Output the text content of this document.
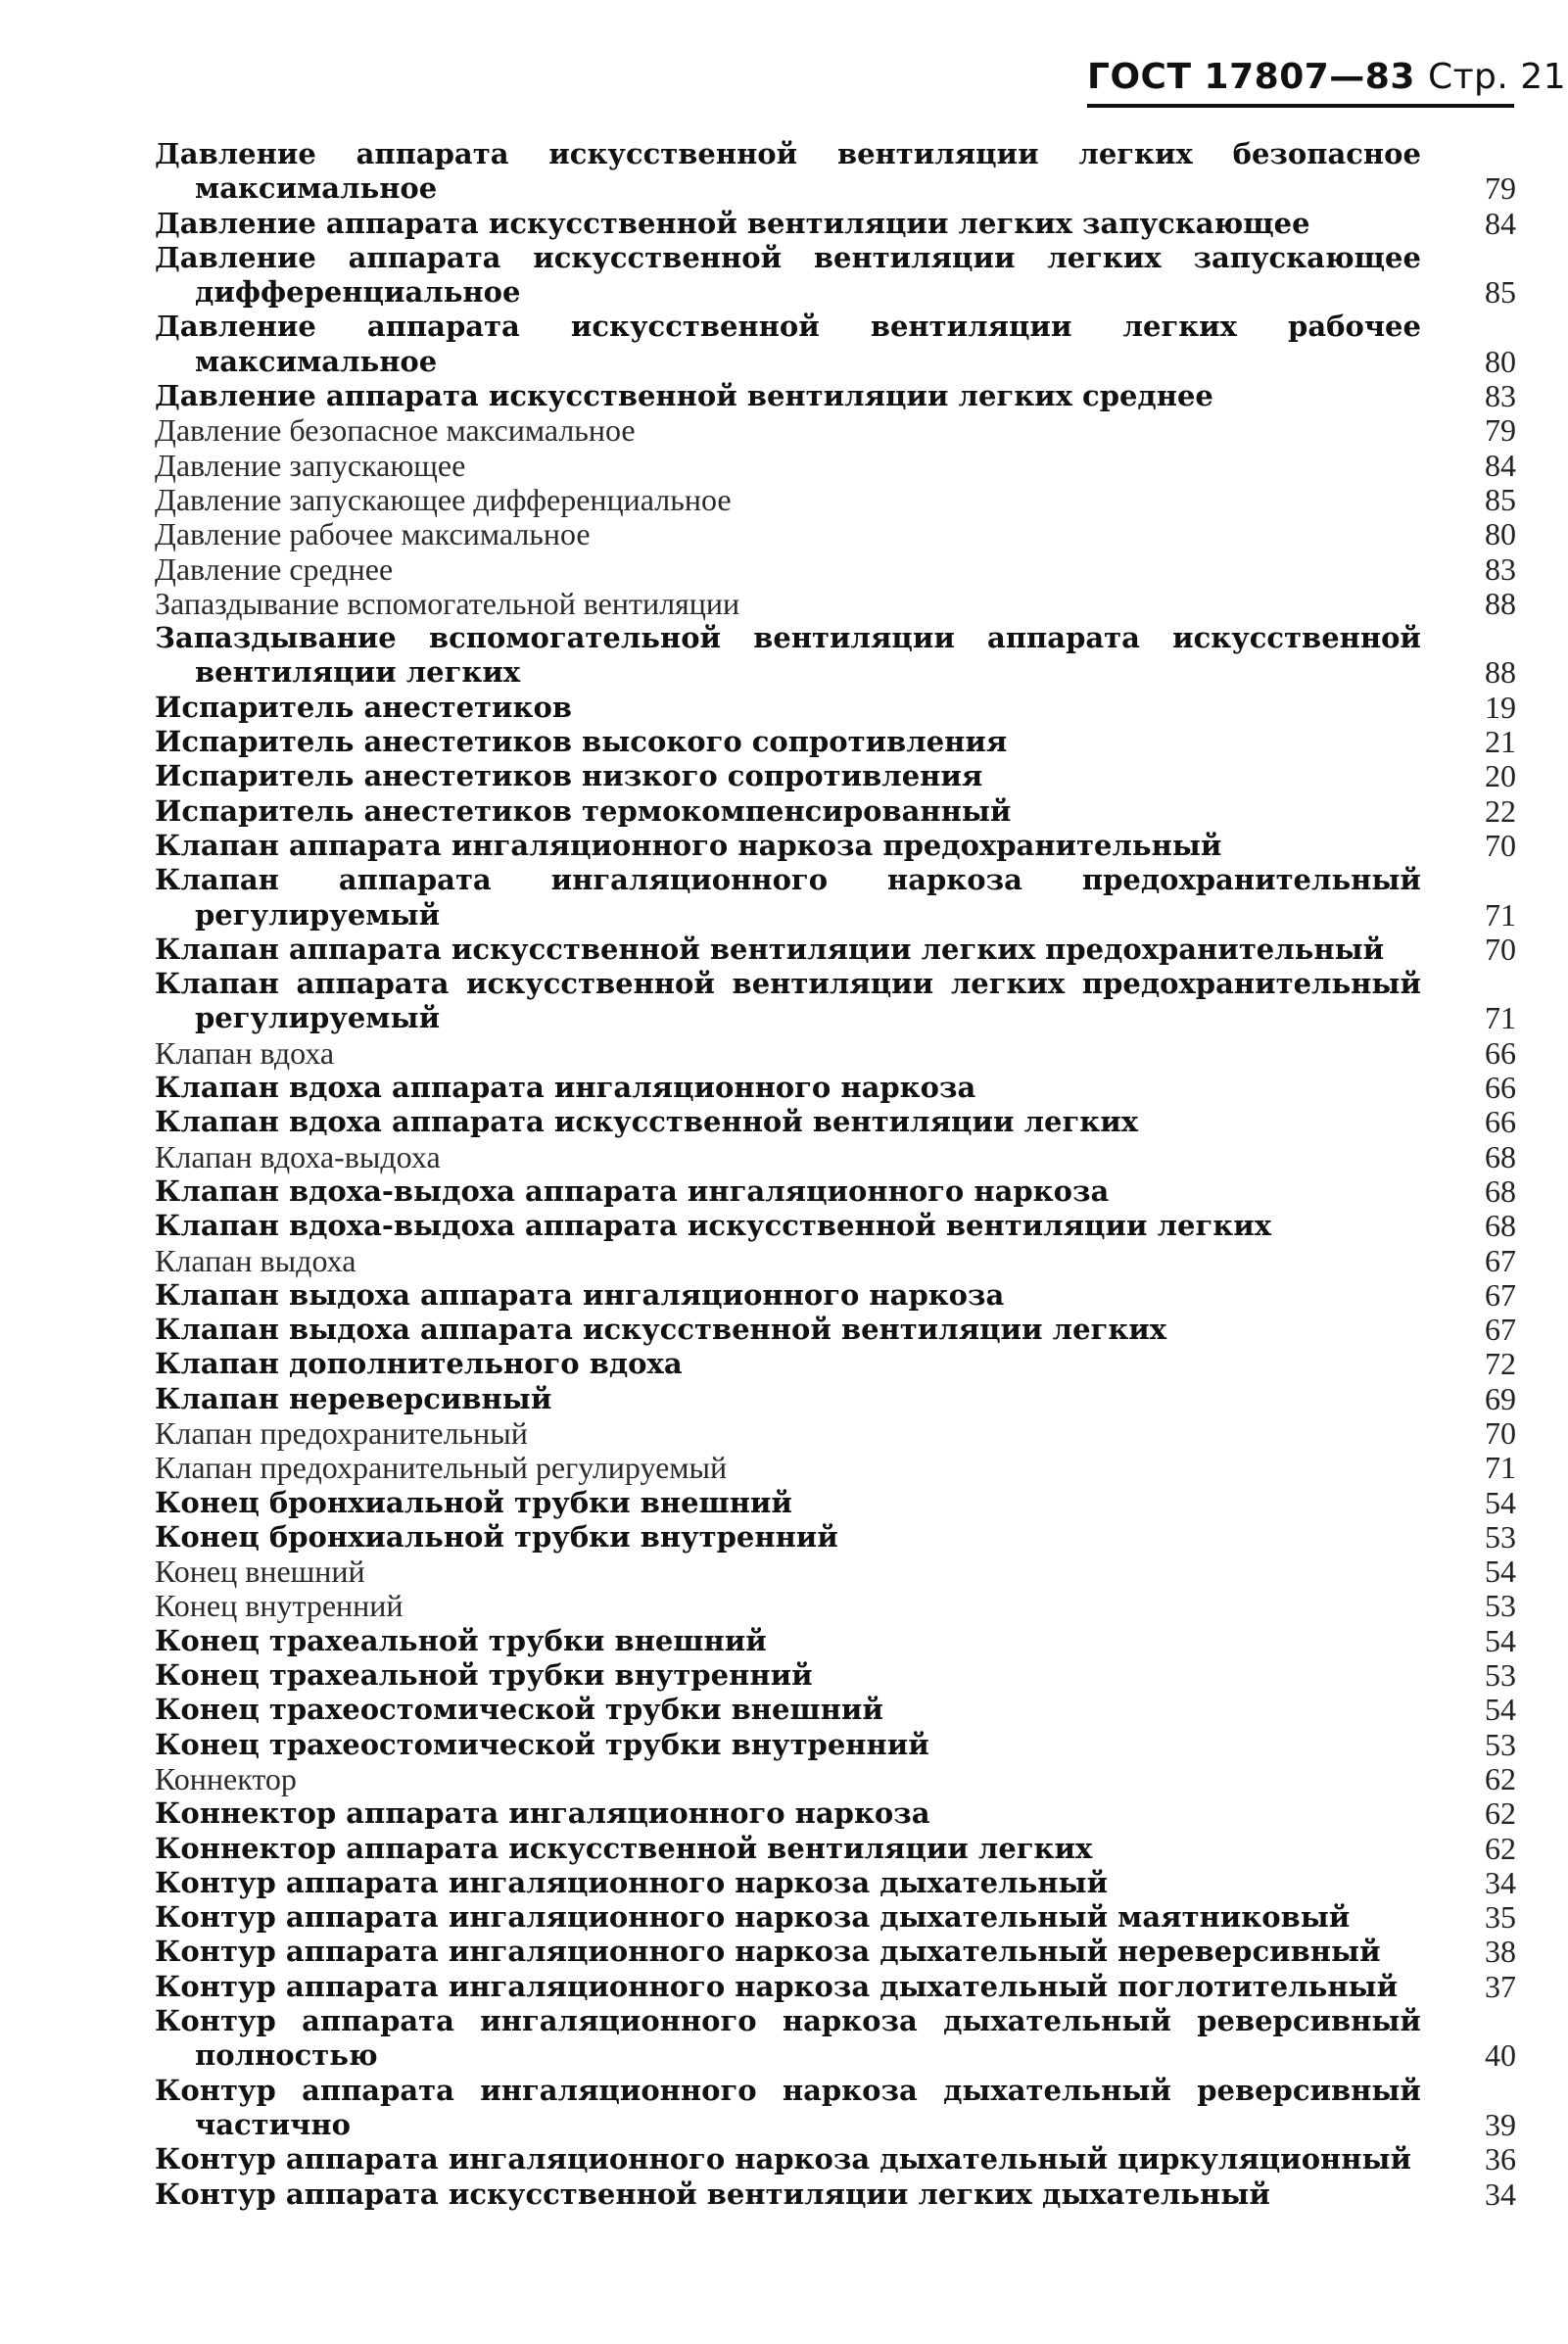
ГОСТ 17807—83 Стр. 21
Давление аппарата искусственной вентиляции легких безопасное максимальное	79
Давление аппарата искусственной вентиляции легких запускающее	84
Давление аппарата искусственной вентиляции легких запускающее дифференциальное	85
Давление аппарата искусственной вентиляции легких рабочее максимальное	80
Давление аппарата искусственной вентиляции легких среднее	83
Давление безопасное максимальное	79
Давление запускающее	84
Давление запускающее дифференциальное	85
Давление рабочее максимальное	80
Давление среднее	83
Запаздывание вспомогательной вентиляции	88
Запаздывание вспомогательной вентиляции аппарата искусственной вентиляции легких	88
Испаритель анестетиков	19
Испаритель анестетиков высокого сопротивления	21
Испаритель анестетиков низкого сопротивления	20
Испаритель анестетиков термокомпенсированный	22
Клапан аппарата ингаляционного наркоза предохранительный	70
Клапан аппарата ингаляционного наркоза предохранительный регулируемый	71
Клапан аппарата искусственной вентиляции легких предохранительный	70
Клапан аппарата искусственной вентиляции легких предохранительный регулируемый	71
Клапан вдоха	66
Клапан вдоха аппарата ингаляционного наркоза	66
Клапан вдоха аппарата искусственной вентиляции легких	66
Клапан вдоха-выдоха	68
Клапан вдоха-выдоха аппарата ингаляционного наркоза	68
Клапан вдоха-выдоха аппарата искусственной вентиляции легких	68
Клапан выдоха	67
Клапан выдоха аппарата ингаляционного наркоза	67
Клапан выдоха аппарата искусственной вентиляции легких	67
Клапан дополнительного вдоха	72
Клапан нереверсивный	69
Клапан предохранительный	70
Клапан предохранительный регулируемый	71
Конец бронхиальной трубки внешний	54
Конец бронхиальной трубки внутренний	53
Конец внешний	54
Конец внутренний	53
Конец трахеальной трубки внешний	54
Конец трахеальной трубки внутренний	53
Конец трахеостомической трубки внешний	54
Конец трахеостомической трубки внутренний	53
Коннектор	62
Коннектор аппарата ингаляционного наркоза	62
Коннектор аппарата искусственной вентиляции легких	62
Контур аппарата ингаляционного наркоза дыхательный	34
Контур аппарата ингаляционного наркоза дыхательный маятниковый	35
Контур аппарата ингаляционного наркоза дыхательный нереверсивный	38
Контур аппарата ингаляционного наркоза дыхательный поглотительный	37
Контур аппарата ингаляционного наркоза дыхательный реверсивный полностью	40
Контур аппарата ингаляционного наркоза дыхательный реверсивный частично	39
Контур аппарата ингаляционного наркоза дыхательный циркуляционный	36
Контур аппарата искусственной вентиляции легких дыхательный	34
